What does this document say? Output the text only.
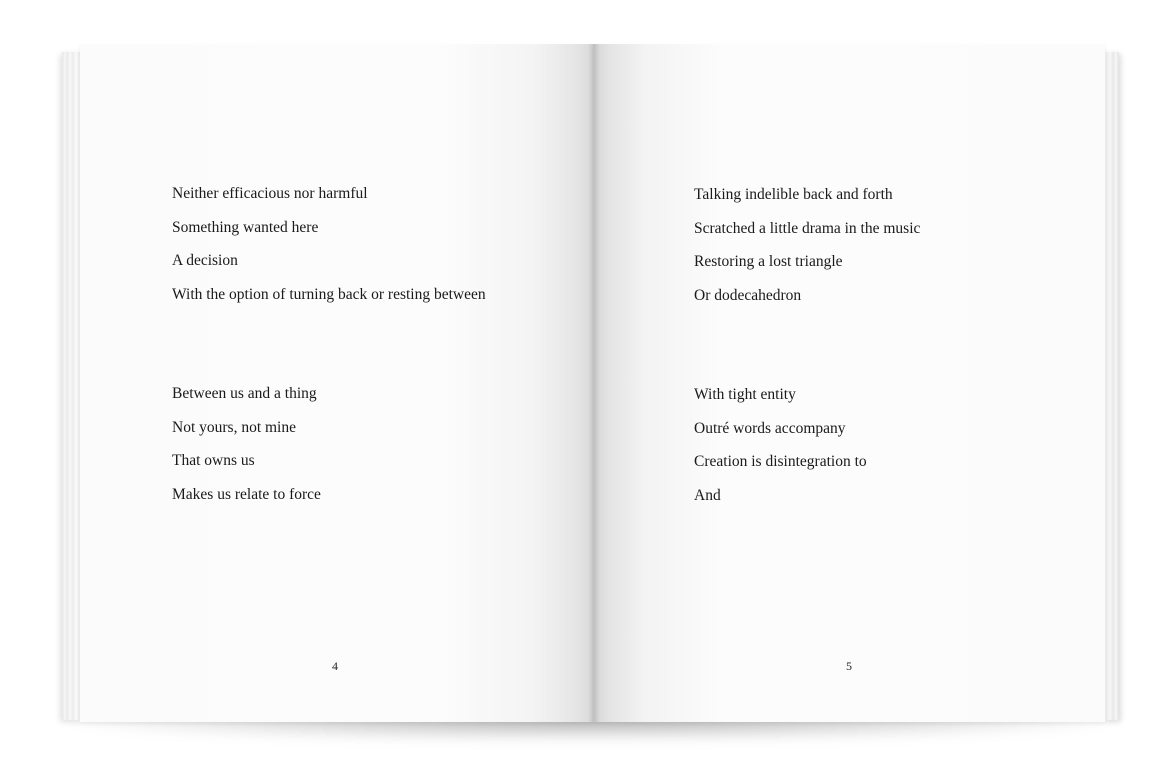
Neither efficacious nor harmful
Something wanted here
A decision
With the option of turning back or resting between
Between us and a thing
Not yours, not mine
That owns us
Makes us relate to force
4
Talking indelible back and forth
Scratched a little drama in the music
Restoring a lost triangle
Or dodecahedron
With tight entity
Outré words accompany
Creation is disintegration to
And
5
